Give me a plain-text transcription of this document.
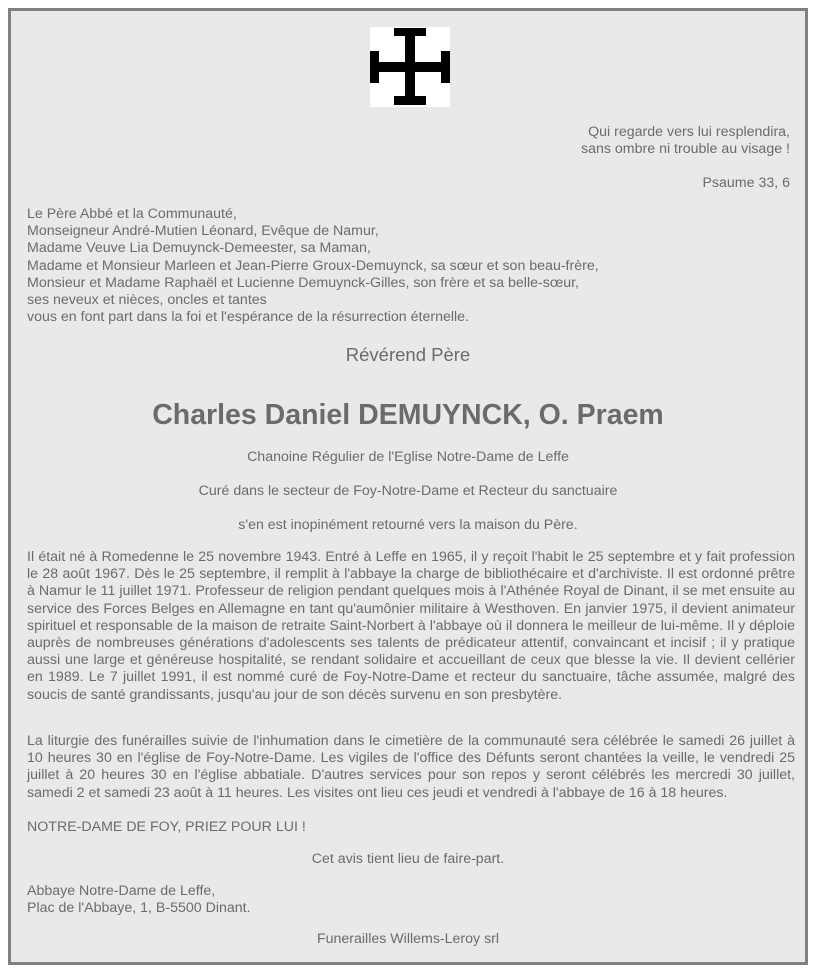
Qui regarde vers lui resplendira,
sans ombre ni trouble au visage !
Psaume 33, 6
Le Père Abbé et la Communauté,
Monseigneur André-Mutien Léonard, Evêque de Namur,
Madame Veuve Lia Demuynck-Demeester, sa Maman,
Madame et Monsieur Marleen et Jean-Pierre Groux-Demuynck, sa sœur et son beau-frère,
Monsieur et Madame Raphaël et Lucienne Demuynck-Gilles, son frère et sa belle-sœur,
ses neveux et nièces, oncles et tantes
vous en font part dans la foi et l'espérance de la résurrection éternelle.
Révérend Père
Charles Daniel DEMUYNCK, O. Praem
Chanoine Régulier de l'Eglise Notre-Dame de Leffe
Curé dans le secteur de Foy-Notre-Dame et Recteur du sanctuaire
s'en est inopinément retourné vers la maison du Père.
Il était né à Romedenne le 25 novembre 1943. Entré à Leffe en 1965, il y reçoit l'habit le 25 septembre et y fait profession le 28 août 1967. Dès le 25 septembre, il remplit à l'abbaye la charge de bibliothécaire et d'archiviste. Il est ordonné prêtre à Namur le 11 juillet 1971. Professeur de religion pendant quelques mois à l'Athénée Royal de Dinant, il se met ensuite au service des Forces Belges en Allemagne en tant qu'aumônier militaire à Westhoven. En janvier 1975, il devient animateur spirituel et responsable de la maison de retraite Saint-Norbert à l'abbaye où il donnera le meilleur de lui-même. Il y déploie auprès de nombreuses générations d'adolescents ses talents de prédicateur attentif, convaincant et incisif ; il y pratique aussi une large et généreuse hospitalité, se rendant solidaire et accueillant de ceux que blesse la vie. Il devient cellérier en 1989. Le 7 juillet 1991, il est nommé curé de Foy-Notre-Dame et recteur du sanctuaire, tâche assumée, malgré des soucis de santé grandissants, jusqu'au jour de son décès survenu en son presbytère.
La liturgie des funérailles suivie de l'inhumation dans le cimetière de la communauté sera célébrée le samedi 26 juillet à 10 heures 30 en l'église de Foy-Notre-Dame. Les vigiles de l'office des Défunts seront chantées la veille, le vendredi 25 juillet à 20 heures 30 en l'église abbatiale. D'autres services pour son repos y seront célébrés les mercredi 30 juillet, samedi 2 et samedi 23 août à 11 heures. Les visites ont lieu ces jeudi et vendredi à l'abbaye de 16 à 18 heures.
NOTRE-DAME DE FOY, PRIEZ POUR LUI !
Cet avis tient lieu de faire-part.
Abbaye Notre-Dame de Leffe,
Plac de l'Abbaye, 1, B-5500 Dinant.
Funerailles Willems-Leroy srl
